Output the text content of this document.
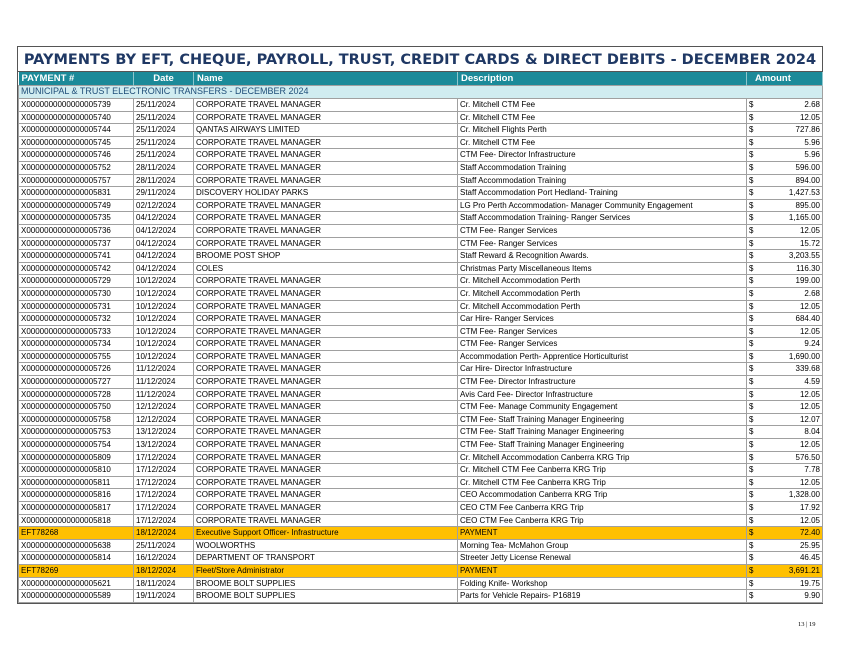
PAYMENTS BY EFT, CHEQUE, PAYROLL, TRUST, CREDIT CARDS & DIRECT DEBITS - DECEMBER 2024
PAYMENT #	Date	Name	Description	Amount
MUNICIPAL & TRUST ELECTRONIC TRANSFERS - DECEMBER 2024				
X0000000000000005739	25/11/2024	CORPORATE TRAVEL MANAGER	Cr. Mitchell CTM Fee	$ 2.68

X0000000000000005740	25/11/2024	CORPORATE TRAVEL MANAGER	Cr. Mitchell CTM Fee	$ 12.05

X0000000000000005744	25/11/2024	QANTAS AIRWAYS LIMITED	Cr. Mitchell Flights Perth	$ 727.86

X0000000000000005745	25/11/2024	CORPORATE TRAVEL MANAGER	Cr. Mitchell CTM Fee	$ 5.96

X0000000000000005746	25/11/2024	CORPORATE TRAVEL MANAGER	CTM Fee- Director Infrastructure	$ 5.96

X0000000000000005752	28/11/2024	CORPORATE TRAVEL MANAGER	Staff Accommodation Training	$ 596.00

X0000000000000005757	28/11/2024	CORPORATE TRAVEL MANAGER	Staff Accommodation Training	$ 894.00

X0000000000000005831	29/11/2024	DISCOVERY HOLIDAY PARKS	Staff Accommodation Port Hedland- Training	$ 1,427.53

X0000000000000005749	02/12/2024	CORPORATE TRAVEL MANAGER	LG Pro Perth Accommodation- Manager Community Engagement	$ 895.00

X0000000000000005735	04/12/2024	CORPORATE TRAVEL MANAGER	Staff Accommodation Training- Ranger Services	$ 1,165.00

X0000000000000005736	04/12/2024	CORPORATE TRAVEL MANAGER	CTM Fee- Ranger Services	$ 12.05

X0000000000000005737	04/12/2024	CORPORATE TRAVEL MANAGER	CTM Fee- Ranger Services	$ 15.72

X0000000000000005741	04/12/2024	BROOME POST SHOP	Staff Reward & Recognition Awards.	$ 3,203.55

X0000000000000005742	04/12/2024	COLES	Christmas Party Miscellaneous Items	$ 116.30

X0000000000000005729	10/12/2024	CORPORATE TRAVEL MANAGER	Cr. Mitchell Accommodation Perth	$ 199.00

X0000000000000005730	10/12/2024	CORPORATE TRAVEL MANAGER	Cr. Mitchell Accommodation Perth	$ 2.68

X0000000000000005731	10/12/2024	CORPORATE TRAVEL MANAGER	Cr. Mitchell Accommodation Perth	$ 12.05

X0000000000000005732	10/12/2024	CORPORATE TRAVEL MANAGER	Car Hire- Ranger Services	$ 684.40

X0000000000000005733	10/12/2024	CORPORATE TRAVEL MANAGER	CTM Fee- Ranger Services	$ 12.05

X0000000000000005734	10/12/2024	CORPORATE TRAVEL MANAGER	CTM Fee- Ranger Services	$ 9.24

X0000000000000005755	10/12/2024	CORPORATE TRAVEL MANAGER	Accommodation Perth- Apprentice Horticulturist	$ 1,690.00

X0000000000000005726	11/12/2024	CORPORATE TRAVEL MANAGER	Car Hire- Director Infrastructure	$ 339.68

X0000000000000005727	11/12/2024	CORPORATE TRAVEL MANAGER	CTM Fee- Director Infrastructure	$ 4.59

X0000000000000005728	11/12/2024	CORPORATE TRAVEL MANAGER	Avis Card Fee- Director Infrastructure	$ 12.05

X0000000000000005750	12/12/2024	CORPORATE TRAVEL MANAGER	CTM Fee- Manage Community Engagement	$ 12.05

X0000000000000005758	12/12/2024	CORPORATE TRAVEL MANAGER	CTM Fee- Staff Training Manager Engineering	$ 12.07

X0000000000000005753	13/12/2024	CORPORATE TRAVEL MANAGER	CTM Fee- Staff Training Manager Engineering	$ 8.04

X0000000000000005754	13/12/2024	CORPORATE TRAVEL MANAGER	CTM Fee- Staff Training Manager Engineering	$ 12.05

X0000000000000005809	17/12/2024	CORPORATE TRAVEL MANAGER	Cr. Mitchell Accommodation Canberra KRG Trip	$ 576.50

X0000000000000005810	17/12/2024	CORPORATE TRAVEL MANAGER	Cr. Mitchell CTM Fee Canberra KRG Trip	$ 7.78

X0000000000000005811	17/12/2024	CORPORATE TRAVEL MANAGER	Cr. Mitchell CTM Fee Canberra KRG Trip	$ 12.05

X0000000000000005816	17/12/2024	CORPORATE TRAVEL MANAGER	CEO Accommodation Canberra KRG Trip	$ 1,328.00

X0000000000000005817	17/12/2024	CORPORATE TRAVEL MANAGER	CEO CTM Fee Canberra KRG Trip	$ 17.92

X0000000000000005818	17/12/2024	CORPORATE TRAVEL MANAGER	CEO CTM Fee Canberra KRG Trip	$ 12.05

EFT78268	18/12/2024	Executive Support Officer- Infrastructure	PAYMENT	$ 72.40

X0000000000000005638	25/11/2024	WOOLWORTHS	Morning Tea- McMahon Group	$ 25.95

X0000000000000005814	16/12/2024	DEPARTMENT OF TRANSPORT	Streeter Jetty License Renewal	$ 46.45

EFT78269	18/12/2024	Fleet/Store Administrator	PAYMENT	$ 3,691.21

X0000000000000005621	18/11/2024	BROOME BOLT SUPPLIES	Folding Knife- Workshop	$ 19.75

X0000000000000005589	19/11/2024	BROOME BOLT SUPPLIES	Parts for Vehicle Repairs- P16819	$ 9.90
13 | 19
